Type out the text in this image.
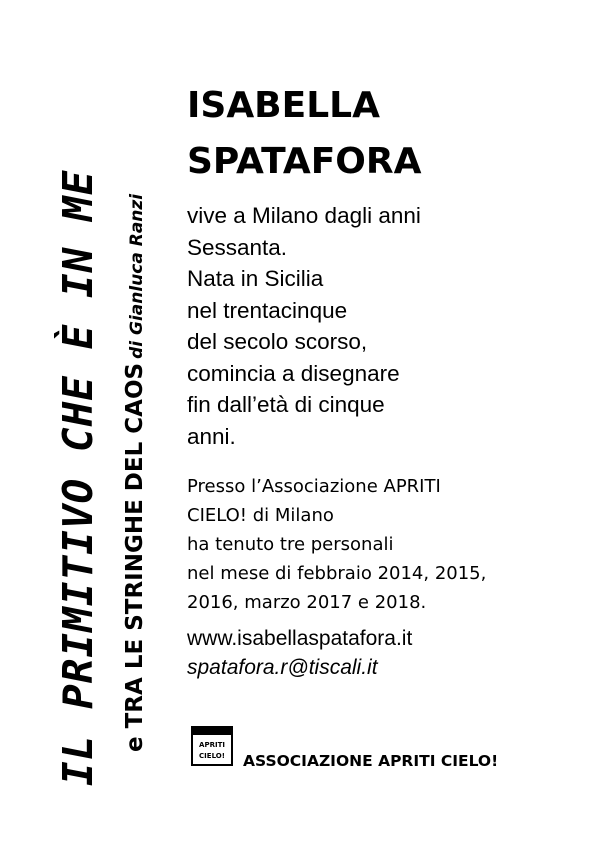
IL PRIMITIVO CHE È IN ME e TRA LE STRINGHE DEL CAOSdi Gianluca Ranzi
ISABELLA
SPATAFORA
vive a Milano dagli anni
Sessanta.
Nata in Sicilia
nel trentacinque
del secolo scorso,
comincia a disegnare
fin dall’età di cinque
anni.
Presso l’Associazione APRITI
CIELO! di Milano
ha tenuto tre personali
nel mese di febbraio 2014, 2015,
2016, marzo 2017 e 2018.
www.isabellaspatafora.it
spatafora.r@tiscali.it
APRITI
CIELO!	ASSOCIAZIONE APRITI CIELO!
